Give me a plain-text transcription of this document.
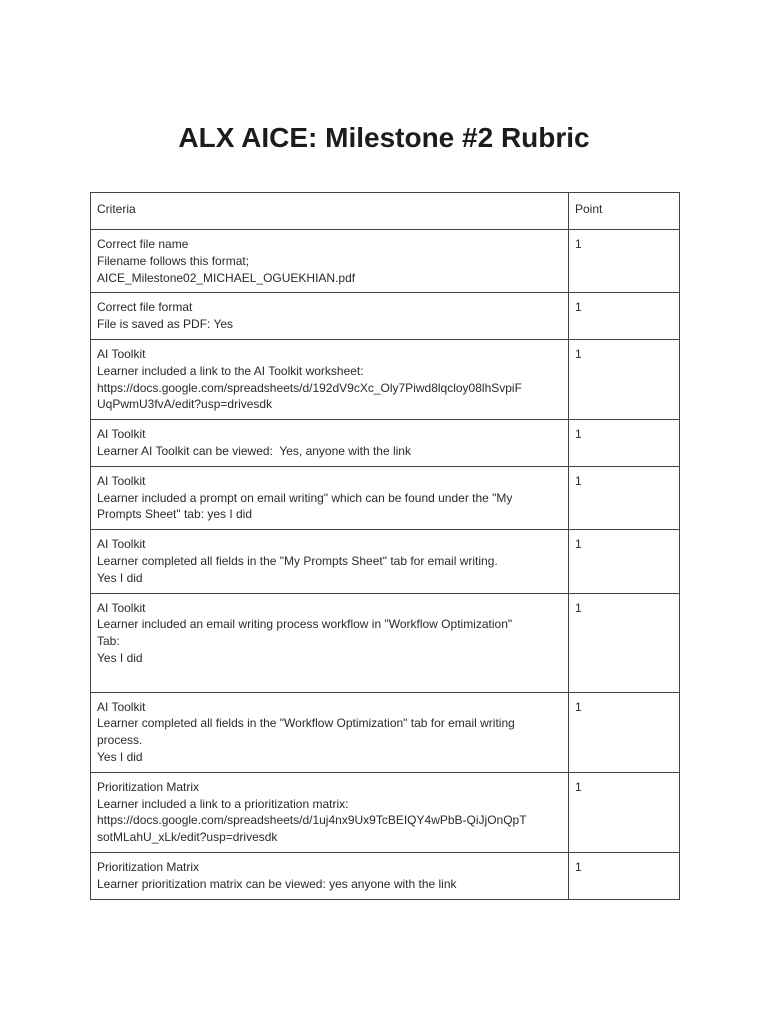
ALX AICE: Milestone #2 Rubric
Criteria	Point

Correct file name
Filename follows this format;
AICE_Milestone02_MICHAEL_OGUEKHIAN.pdf	1

Correct file format
File is saved as PDF: Yes	1

AI Toolkit
Learner included a link to the AI Toolkit worksheet:
https://docs.google.com/spreadsheets/d/192dV9cXc_Oly7Piwd8lqcloy08lhSvpiF
UqPwmU3fvA/edit?usp=drivesdk	1

AI Toolkit
Learner AI Toolkit can be viewed:  Yes, anyone with the link	1

AI Toolkit
Learner included a prompt on email writing" which can be found under the "My
Prompts Sheet" tab: yes I did	1

AI Toolkit
Learner completed all fields in the "My Prompts Sheet" tab for email writing.
Yes I did	1

AI Toolkit
Learner included an email writing process workflow in "Workflow Optimization"
Tab:
Yes I did	1

AI Toolkit
Learner completed all fields in the "Workflow Optimization" tab for email writing
process.
Yes I did	1

Prioritization Matrix
Learner included a link to a prioritization matrix:
https://docs.google.com/spreadsheets/d/1uj4nx9Ux9TcBEIQY4wPbB-QiJjOnQpT
sotMLahU_xLk/edit?usp=drivesdk	1

Prioritization Matrix
Learner prioritization matrix can be viewed: yes anyone with the link	1
